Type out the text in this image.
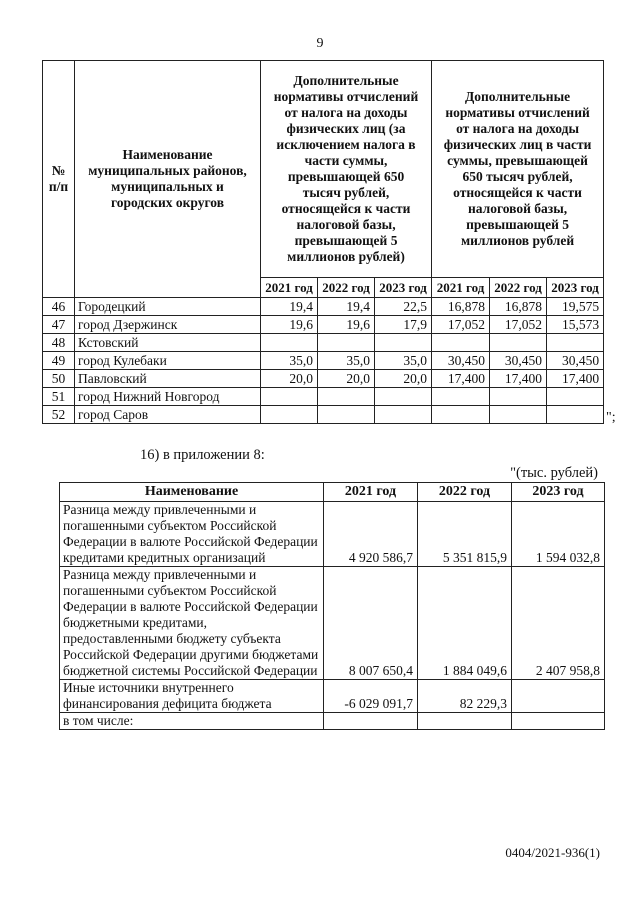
9
№ п/п	Наименование муниципальных районов, муниципальных и городских округов	Дополнительные нормативы отчислений от налога на доходы физических лиц (за исключением налога в части суммы, превышающей 650 тысяч рублей, относящейся к части налоговой базы, превышающей 5 миллионов рублей)			Дополнительные нормативы отчислений от налога на доходы физических лиц в части суммы, превышающей 650 тысяч рублей, относящейся к части налоговой базы, превышающей 5 миллионов рублей		
		2021 год	2022 год	2023 год	2021 год	2022 год	2023 год
46	Городецкий	19,4	19,4	22,5	16,878	16,878	19,575
47	город Дзержинск	19,6	19,6	17,9	17,052	17,052	15,573
48	Кстовский						
49	город Кулебаки	35,0	35,0	35,0	30,450	30,450	30,450
50	Павловский	20,0	20,0	20,0	17,400	17,400	17,400
51	город Нижний Новгород						
52	город Саров							";
16) в приложении 8:
"(тыс. рублей)
Наименование	2021 год	2022 год	2023 год
Разница между привлеченными и погашенными субъектом Российской Федерации в валюте Российской Федерации кредитами кредитных организаций	4 920 586,7	5 351 815,9	1 594 032,8
Разница между привлеченными и погашенными субъектом Российской Федерации в валюте Российской Федерации бюджетными кредитами, предоставленными бюджету субъекта Российской Федерации другими бюджетами бюджетной системы Российской Федерации	8 007 650,4	1 884 049,6	2 407 958,8
Иные источники внутреннего финансирования дефицита бюджета	-6 029 091,7	82 229,3	
в том числе:			
0404/2021-936(1)
